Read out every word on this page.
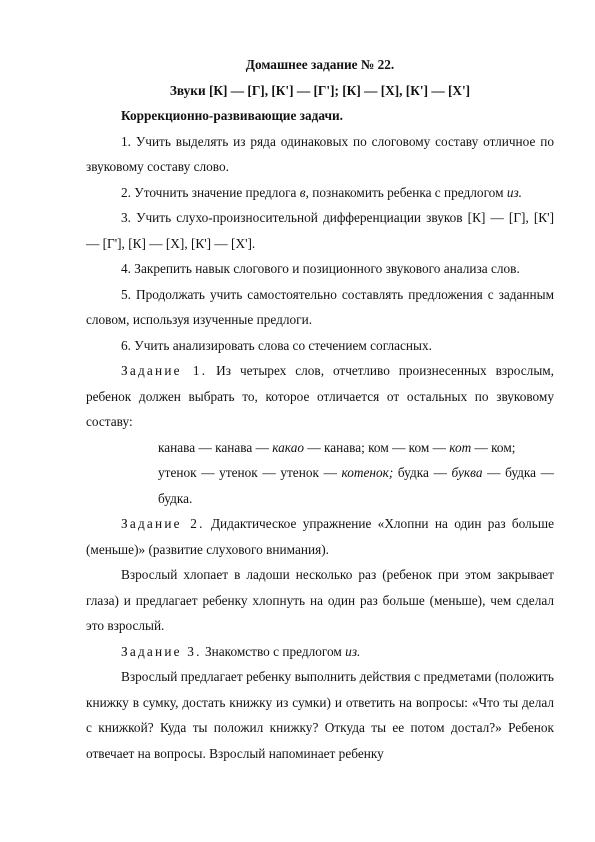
Домашнее задание № 22.

Звуки [К] — [Г], [К'] — [Г']; [К] — [Х], [К'] — [Х']

Коррекционно-развивающие задачи.

1. Учить выделять из ряда одинаковых по слоговому составу отличное по звуковому составу слово.

2. Уточнить значение предлога в, познакомить ребенка с предлогом из.

3. Учить слухо-произносительной дифференциации звуков [К] — [Г], [К'] — [Г'], [К] — [Х], [К'] — [Х'].

4. Закрепить навык слогового и позиционного звукового анализа слов.

5. Продолжать учить самостоятельно составлять предложения с заданным словом, используя изученные предлоги.

6. Учить анализировать слова со стечением согласных.

Задание 1. Из четырех слов, отчетливо произнесенных взрослым, ребенок должен выбрать то, которое отличается от остальных по звуковому составу:

канава — канава — какао — канава; ком — ком — кот — ком;

утенок — утенок — утенок — котенок; будка — буква — будка — будка.

Задание 2. Дидактическое упражнение «Хлопни на один раз больше (меньше)» (развитие слухового внимания).

Взрослый хлопает в ладоши несколько раз (ребенок при этом закрывает глаза) и предлагает ребенку хлопнуть на один раз больше (меньше), чем сделал это взрослый.

Задание 3. Знакомство с предлогом из.

Взрослый предлагает ребенку выполнить действия с предметами (положить книжку в сумку, достать книжку из сумки) и ответить на вопросы: «Что ты делал с книжкой? Куда ты положил книжку? Откуда ты ее потом достал?» Ребенок отвечает на вопросы. Взрослый напоминает ребенку
